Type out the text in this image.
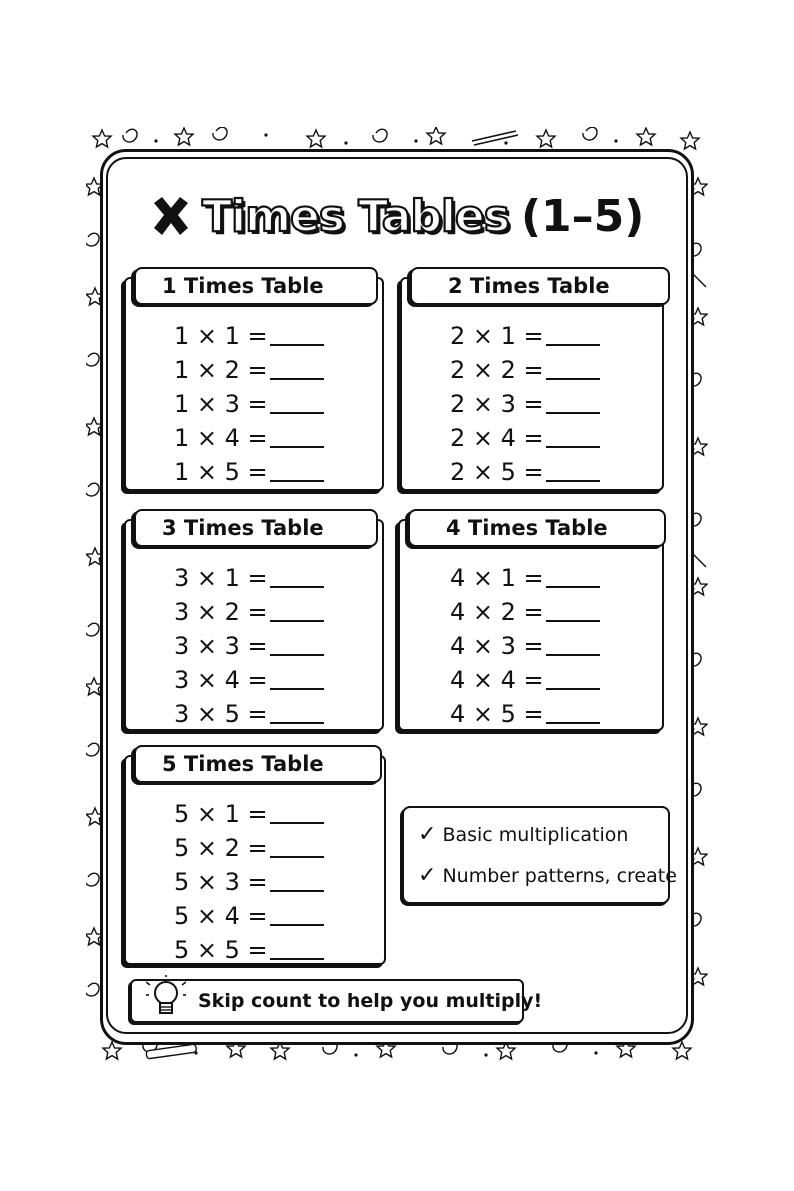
Times Tables (1–5)
1 Times Table
1 × 1 =
1 × 2 =
1 × 3 =
1 × 4 =
1 × 5 =
2 Times Table
2 × 1 =
2 × 2 =
2 × 3 =
2 × 4 =
2 × 5 =
3 Times Table
3 × 1 =
3 × 2 =
3 × 3 =
3 × 4 =
3 × 5 =
4 Times Table
4 × 1 =
4 × 2 =
4 × 3 =
4 × 4 =
4 × 5 =
5 Times Table
5 × 1 =
5 × 2 =
5 × 3 =
5 × 4 =
5 × 5 =
✓ Basic multiplication
✓ Number patterns, create
Skip count to help you multiply!
